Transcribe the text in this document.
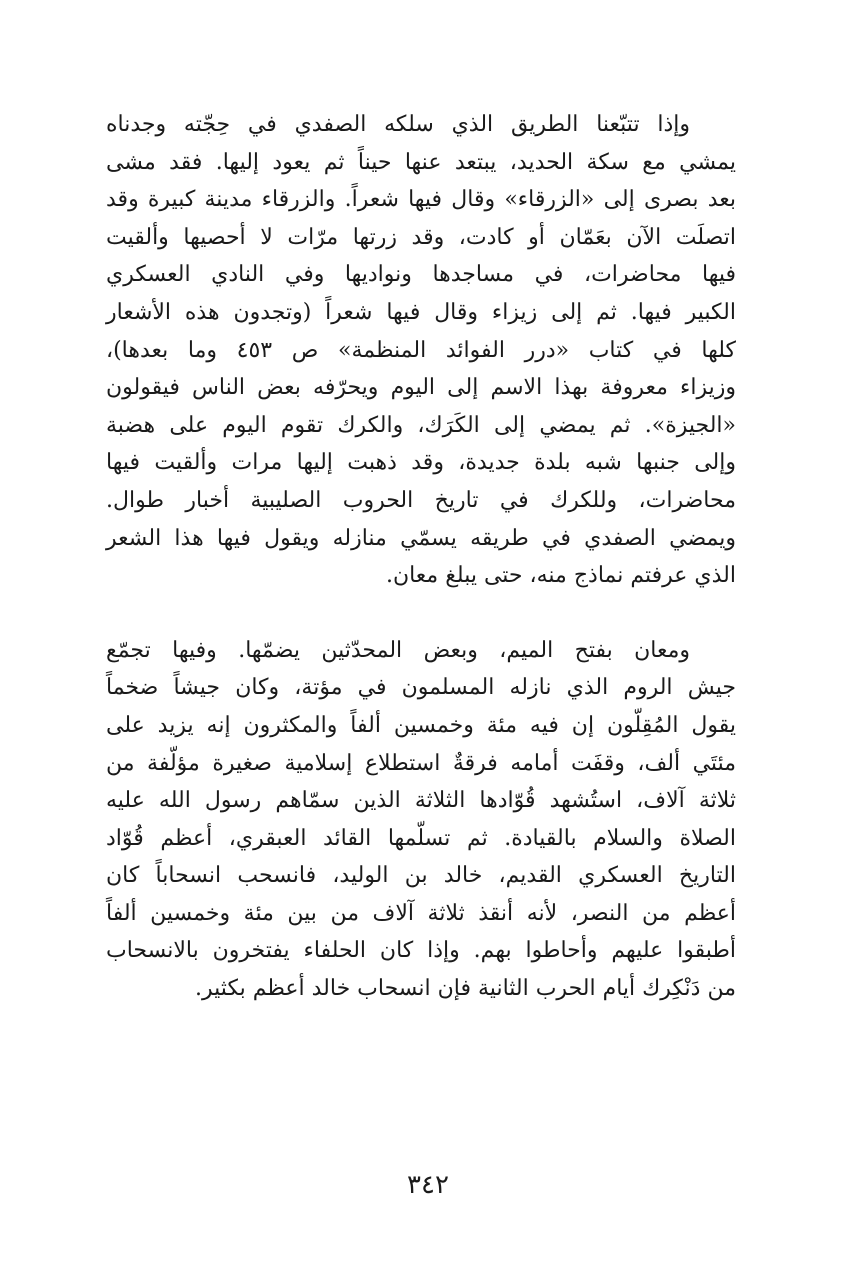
وإذا تتبّعنا الطريق الذي سلكه الصفدي في حِجّته وجدناه
يمشي مع سكة الحديد، يبتعد عنها حيناً ثم يعود إليها. فقد مشى
بعد بصرى إلى «الزرقاء» وقال فيها شعراً. والزرقاء مدينة كبيرة وقد
اتصلَت الآن بعَمّان أو كادت، وقد زرتها مرّات لا أحصيها وألقيت
فيها محاضرات، في مساجدها ونواديها وفي النادي العسكري
الكبير فيها. ثم إلى زيزاء وقال فيها شعراً (وتجدون هذه الأشعار
كلها في كتاب «درر الفوائد المنظمة» ص ٤٥٣ وما بعدها)،
وزيزاء معروفة بهذا الاسم إلى اليوم ويحرّفه بعض الناس فيقولون
«الجيزة». ثم يمضي إلى الكَرَك، والكرك تقوم اليوم على هضبة
وإلى جنبها شبه بلدة جديدة، وقد ذهبت إليها مرات وألقيت فيها
محاضرات، وللكرك في تاريخ الحروب الصليبية أخبار طوال.
ويمضي الصفدي في طريقه يسمّي منازله ويقول فيها هذا الشعر
الذي عرفتم نماذج منه، حتى يبلغ معان.

ومعان بفتح الميم، وبعض المحدّثين يضمّها. وفيها تجمّع
جيش الروم الذي نازله المسلمون في مؤتة، وكان جيشاً ضخماً
يقول المُقِلّون إن فيه مئة وخمسين ألفاً والمكثرون إنه يزيد على
مئتَي ألف، وقفَت أمامه فرقةٌ استطلاع إسلامية صغيرة مؤلّفة من
ثلاثة آلاف، استُشهد قُوّادها الثلاثة الذين سمّاهم رسول الله عليه
الصلاة والسلام بالقيادة. ثم تسلّمها القائد العبقري، أعظم قُوّاد
التاريخ العسكري القديم، خالد بن الوليد، فانسحب انسحاباً كان
أعظم من النصر، لأنه أنقذ ثلاثة آلاف من بين مئة وخمسين ألفاً
أطبقوا عليهم وأحاطوا بهم. وإذا كان الحلفاء يفتخرون بالانسحاب
من دَنْكِرك أيام الحرب الثانية فإن انسحاب خالد أعظم بكثير.

٣٤٢
